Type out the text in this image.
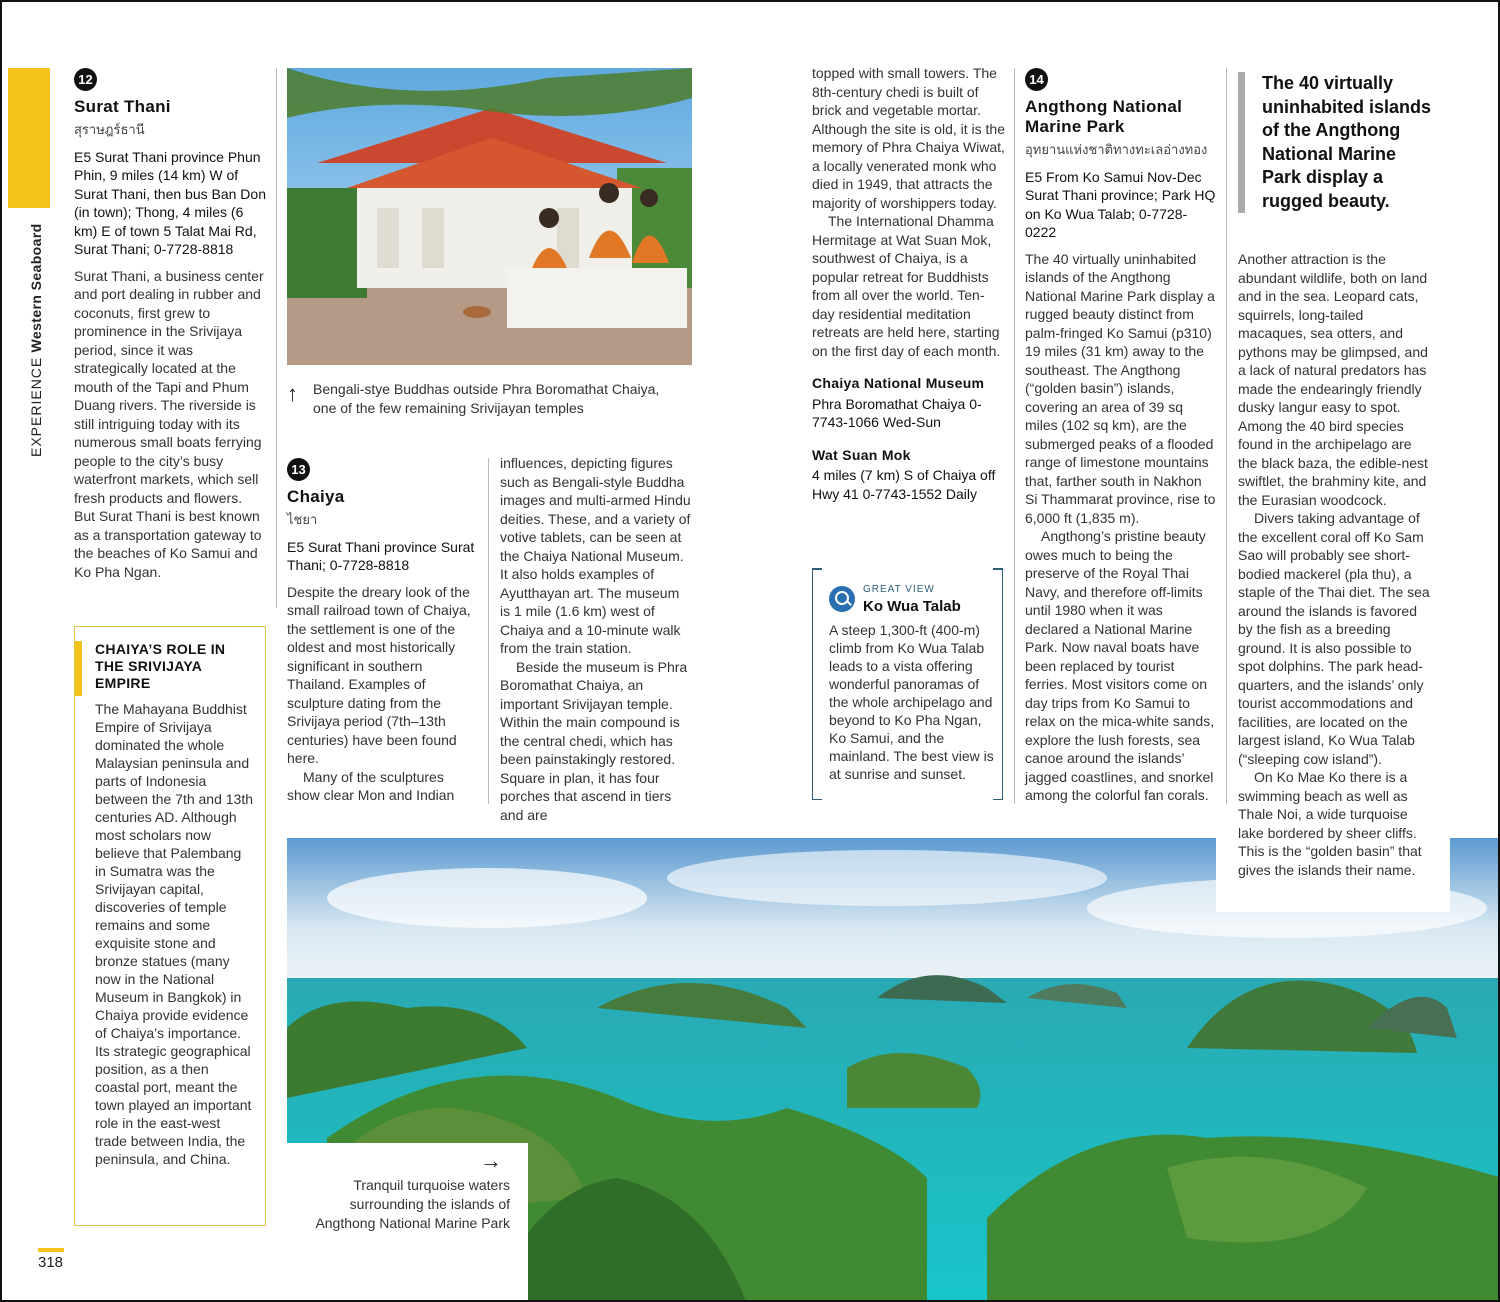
EXPERIENCE Western Seaboard
318
12
Surat Thani
สุราษฎร์ธานี
E5 Surat Thani province Phun Phin, 9 miles (14 km) W of Surat Thani, then bus Ban Don (in town); Thong, 4 miles (6 km) E of town 5 Talat Mai Rd, Surat Thani; 0-7728-8818

Surat Thani, a business center and port dealing in rubber and coconuts, first grew to prominence in the Srivijaya period, since it was strategically located at the mouth of the Tapi and Phum Duang rivers. The riverside is still intriguing today with its numerous small boats ferrying people to the city’s busy waterfront markets, which sell fresh products and flowers. But Surat Thani is best known as a transportation gateway to the beaches of Ko Samui and Ko Pha Ngan.

CHAIYA’S ROLE IN THE SRIVIJAYA EMPIRE

The Mahayana Buddhist Empire of Srivijaya dominated the whole Malaysian peninsula and parts of Indonesia between the 7th and 13th centuries AD. Although most scholars now believe that Palembang in Sumatra was the Srivijayan capital, discoveries of temple remains and some exquisite stone and bronze statues (many now in the National Museum in Bangkok) in Chaiya provide evidence of Chaiya’s importance. Its strategic geographical position, as a then coastal port, meant the town played an important role in the east-west trade between India, the peninsula, and China.

↑ Bengali-stye Buddhas outside Phra Boromathat Chaiya, one of the few remaining Srivijayan temples
13
Chaiya
ไชยา
E5 Surat Thani province Surat Thani; 0-7728-8818

Despite the dreary look of the small railroad town of Chaiya, the settlement is one of the oldest and most historically significant in southern Thailand. Examples of sculpture dating from the Srivijaya period (7th–13th centuries) have been found here.

Many of the sculptures show clear Mon and Indian

influences, depicting figures such as Bengali-style Buddha images and multi-armed Hindu deities. These, and a variety of votive tablets, can be seen at the Chaiya National Museum. It also holds examples of Ayutthayan art. The museum is 1 mile (1.6 km) west of Chaiya and a 10-minute walk from the train station.

Beside the museum is Phra Boromathat Chaiya, an important Srivijayan temple. Within the main compound is the central chedi, which has been painstakingly restored. Square in plan, it has four porches that ascend in tiers and are

topped with small towers. The 8th-century chedi is built of brick and vegetable mortar. Although the site is old, it is the memory of Phra Chaiya Wiwat, a locally venerated monk who died in 1949, that attracts the majority of worshippers today.

The International Dhamma Hermitage at Wat Suan Mok, southwest of Chaiya, is a popular retreat for Buddhists from all over the world. Ten-day residential meditation retreats are held here, starting on the first day of each month.

Chaiya National Museum
Phra Boromathat Chaiya 0-7743-1066 Wed-Sun
Wat Suan Mok
4 miles (7 km) S of Chaiya off Hwy 41 0-7743-1552 Daily
GREAT VIEW
Ko Wua Talab
A steep 1,300-ft (400-m) climb from Ko Wua Talab leads to a vista offering wonderful panoramas of the whole archipelago and beyond to Ko Pha Ngan, Ko Samui, and the mainland. The best view is at sunrise and sunset.
14
Angthong National Marine Park
อุทยานแห่งชาติทางทะเลอ่างทอง
E5 From Ko Samui Nov-Dec Surat Thani province; Park HQ on Ko Wua Talab; 0-7728-0222

The 40 virtually uninhabited islands of the Angthong National Marine Park display a rugged beauty distinct from palm-fringed Ko Samui (p310) 19 miles (31 km) away to the southeast. The Angthong (“golden basin”) islands, covering an area of 39 sq miles (102 sq km), are the submerged peaks of a flooded range of limestone mountains that, farther south in Nakhon Si Thammarat province, rise to 6,000 ft (1,835 m).

Angthong’s pristine beauty owes much to being the preserve of the Royal Thai Navy, and therefore off-limits until 1980 when it was declared a National Marine Park. Now naval boats have been replaced by tourist ferries. Most visitors come on day trips from Ko Samui to relax on the mica-white sands, explore the lush forests, sea canoe around the islands’ jagged coastlines, and snorkel among the colorful fan corals.

→
Tranquil turquoise waters surrounding the islands of Angthong National Marine Park
The 40 virtually uninhabited islands of the Angthong National Marine Park display a rugged beauty.

Another attraction is the abundant wildlife, both on land and in the sea. Leopard cats, squirrels, long-tailed macaques, sea otters, and pythons may be glimpsed, and a lack of natural predators has made the endearingly friendly dusky langur easy to spot. Among the 40 bird species found in the archipelago are the black baza, the edible-nest swiftlet, the brahminy kite, and the Eurasian woodcock.

Divers taking advantage of the excellent coral off Ko Sam Sao will probably see short-bodied mackerel (pla thu), a staple of the Thai diet. The sea around the islands is favored by the fish as a breeding ground. It is also possible to spot dolphins. The park head-quarters, and the islands’ only tourist accommodations and facilities, are located on the largest island, Ko Wua Talab (“sleeping cow island”).

On Ko Mae Ko there is a swimming beach as well as Thale Noi, a wide turquoise lake bordered by sheer cliffs. This is the “golden basin” that gives the islands their name.
